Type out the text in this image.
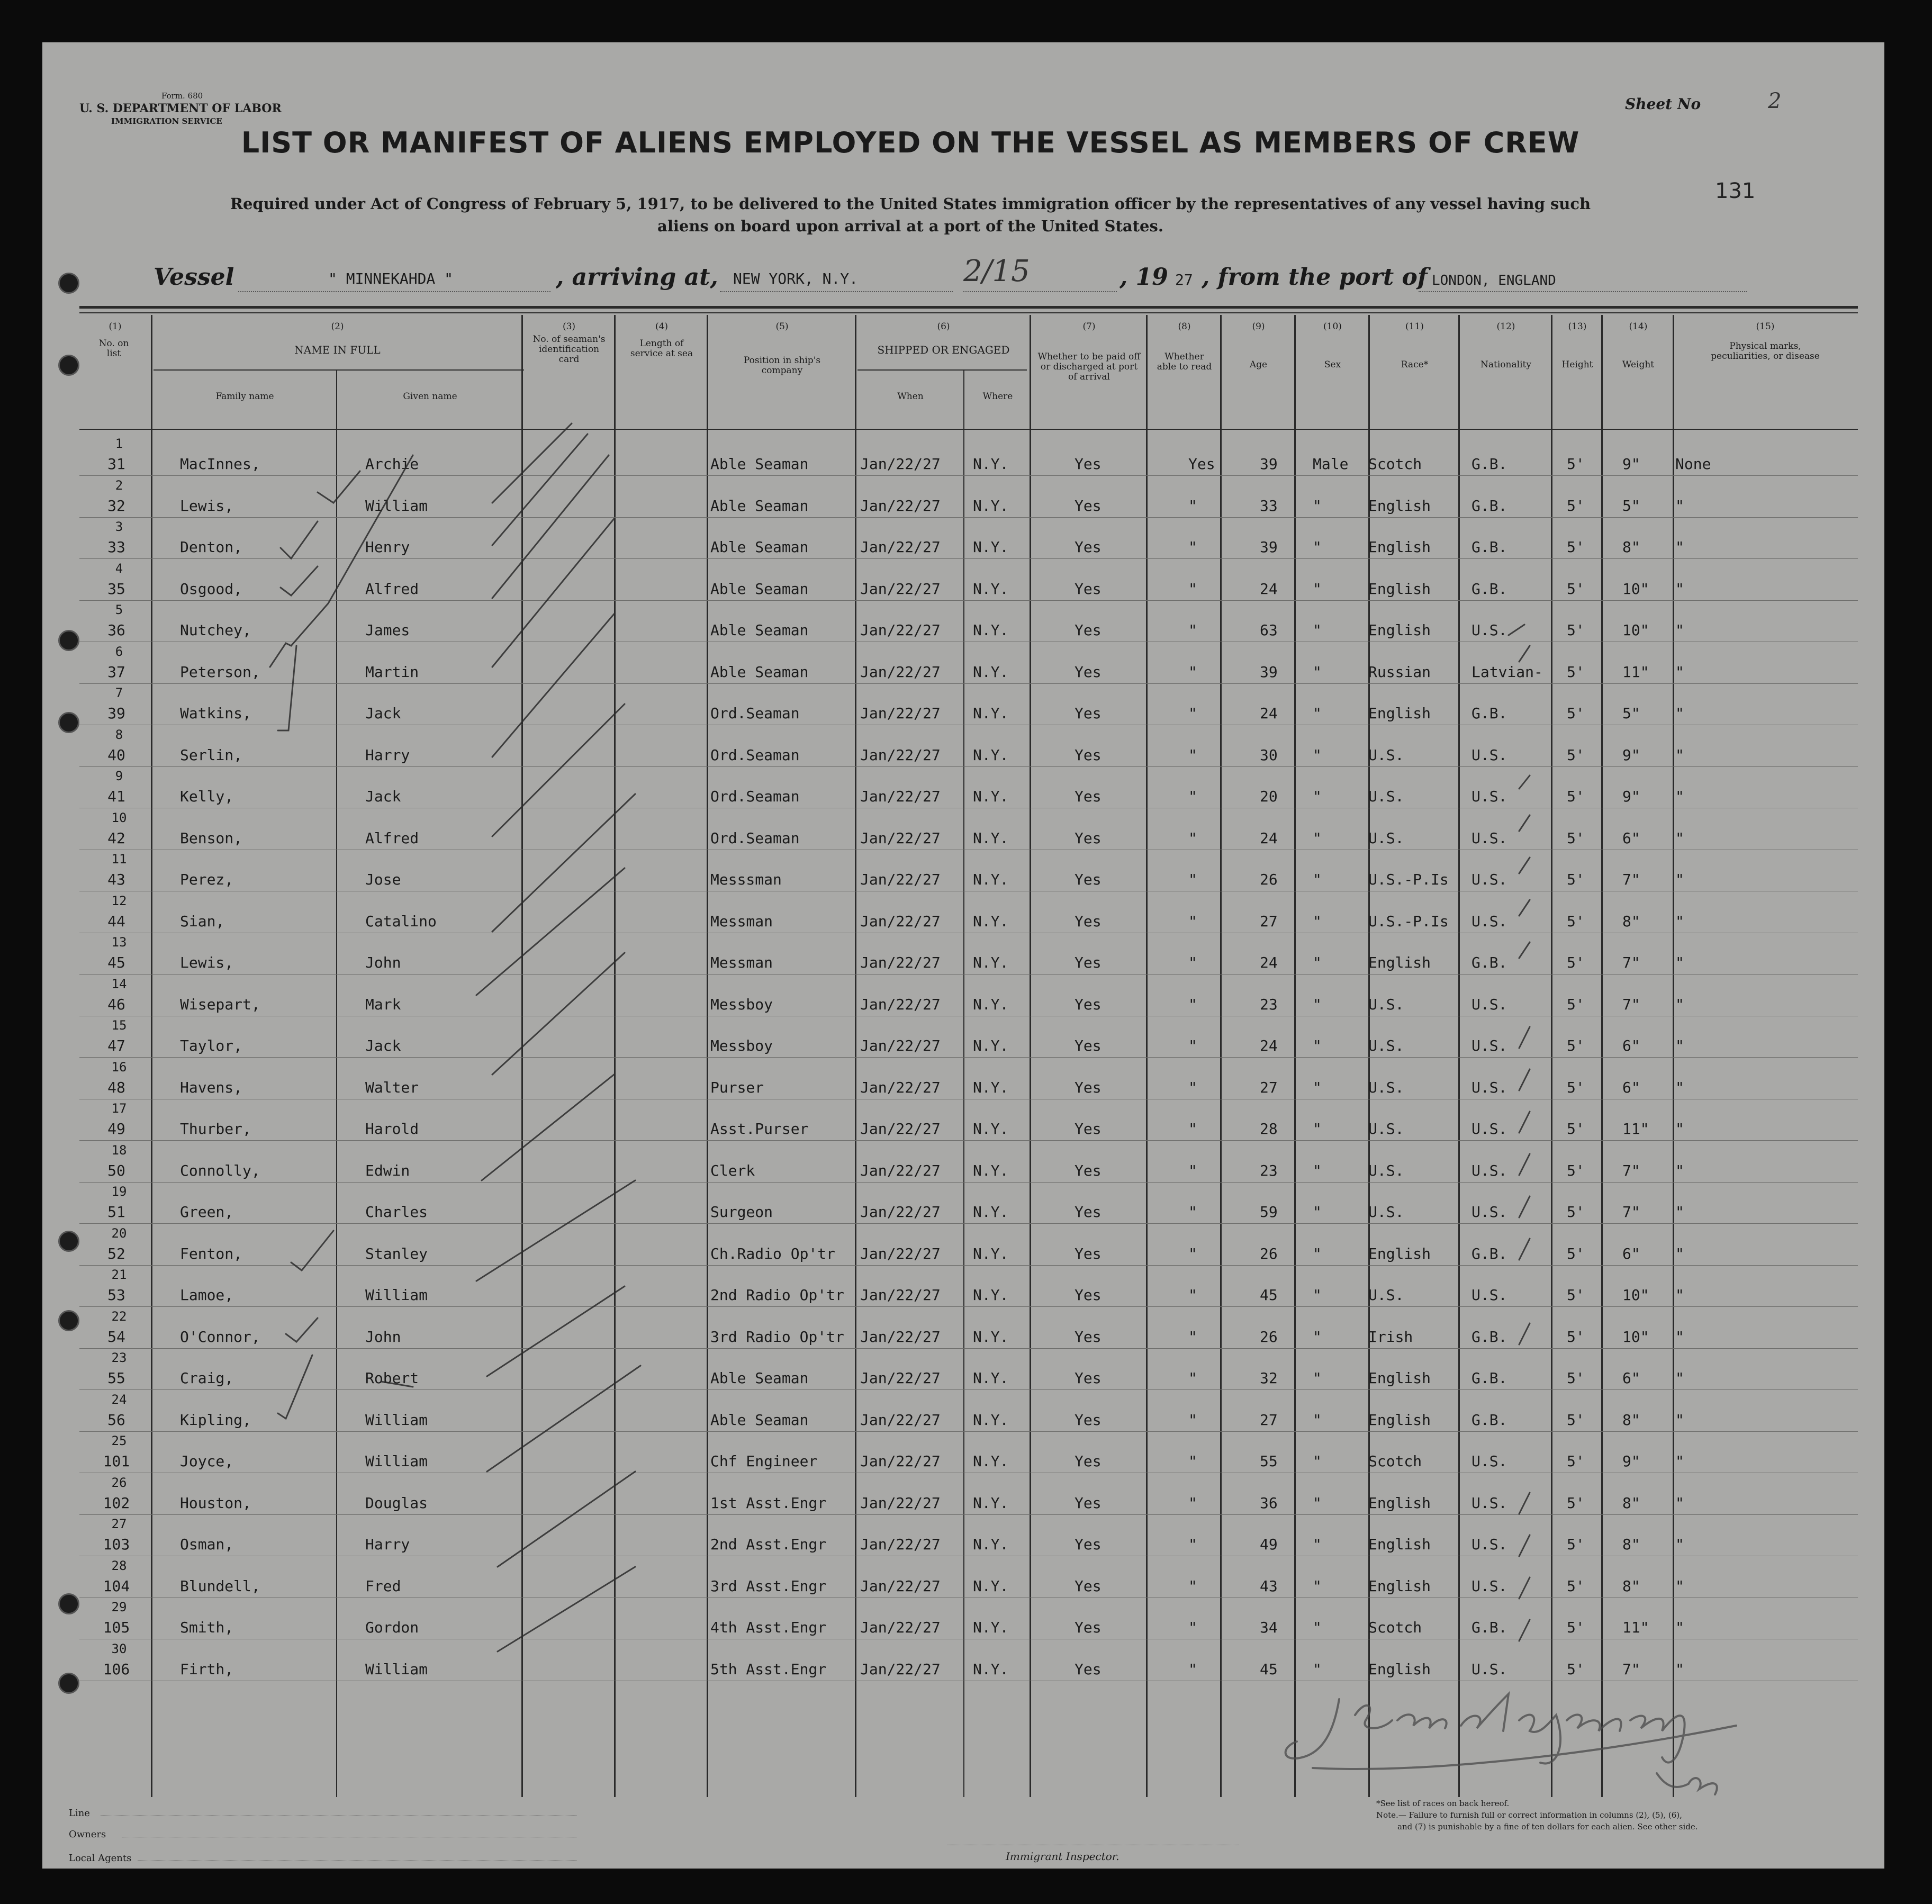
Form. 680
U. S. DEPARTMENT OF LABOR
IMMIGRATION SERVICE
Sheet No	2
131
LIST OR MANIFEST OF ALIENS EMPLOYED ON THE VESSEL AS MEMBERS OF CREW
Required under Act of Congress of February 5, 1917, to be delivered to the United States immigration officer by the representatives of any vessel having such
aliens on board upon arrival at a port of the United States.
Vessel	" MINNEKAHDA "	, arriving at, NEW YORK, N.Y.	2/15	, 19 27 , from the port of LONDON, ENGLAND
(1)
No. on list
(2)
NAME IN FULL
Family name	Given name
(3)
No. of seaman's identification card
(4)
Length of service at sea
(5)
Position in ship's company
(6)
SHIPPED OR ENGAGED
When	Where
(7)
Whether to be paid off or discharged at port of arrival
(8)
Whether able to read
(9)
Age
(10)
Sex
(11)
Race*
(12)
Nationality
(13)
Height
(14)
Weight
(15)
Physical marks, peculiarities, or disease
1
31	MacInnes,	Archie	Able Seaman	Jan/22/27 N.Y.	Yes	Yes	39 Male Scotch	G.B.	5'	9" None
2
32	Lewis,	William	Able Seaman	Jan/22/27 N.Y.	Yes	"	33 "	English	G.B.	5'	5" "
3
33	Denton,	Henry	Able Seaman	Jan/22/27 N.Y.	Yes	"	39 "	English	G.B.	5'	8" "
4
35	Osgood,	Alfred	Able Seaman	Jan/22/27 N.Y.	Yes	"	24 "	English	G.B.	5'	10" "
5
36	Nutchey,	James	Able Seaman	Jan/22/27 N.Y.	Yes	"	63 "	English	U.S.	5'	10" "
6
37	Peterson,	Martin	Able Seaman	Jan/22/27 N.Y.	Yes	"	39 "	Russian	Latvian- 5'	11" "
7
39	Watkins,	Jack	Ord.Seaman	Jan/22/27 N.Y.	Yes	"	24 "	English	G.B.	5'	5" "
8
40	Serlin,	Harry	Ord.Seaman	Jan/22/27 N.Y.	Yes	"	30 "	U.S.	U.S.	5'	9" "
9
41	Kelly,	Jack	Ord.Seaman	Jan/22/27 N.Y.	Yes	"	20 "	U.S.	U.S.	5'	9" "
10
42	Benson,	Alfred	Ord.Seaman	Jan/22/27 N.Y.	Yes	"	24 "	U.S.	U.S.	5'	6" "
11
43	Perez,	Jose	Messsman	Jan/22/27 N.Y.	Yes	"	26 "	U.S.-P.Is U.S.	5'	7" "
12
44	Sian,	Catalino	Messman	Jan/22/27 N.Y.	Yes	"	27 "	U.S.-P.Is U.S.	5'	8" "
13
45	Lewis,	John	Messman	Jan/22/27 N.Y.	Yes	"	24 "	English	G.B.	5'	7" "
14
46	Wisepart,	Mark	Messboy	Jan/22/27 N.Y.	Yes	"	23 "	U.S.	U.S.	5'	7" "
15
47	Taylor,	Jack	Messboy	Jan/22/27 N.Y.	Yes	"	24 "	U.S.	U.S.	5'	6" "
16
48	Havens,	Walter	Purser	Jan/22/27 N.Y.	Yes	"	27 "	U.S.	U.S.	5'	6" "
17
49	Thurber,	Harold	Asst.Purser	Jan/22/27 N.Y.	Yes	"	28 "	U.S.	U.S.	5'	11" "
18
50	Connolly,	Edwin	Clerk	Jan/22/27 N.Y.	Yes	"	23 "	U.S.	U.S.	5'	7" "
19
51	Green,	Charles	Surgeon	Jan/22/27 N.Y.	Yes	"	59 "	U.S.	U.S.	5'	7" "
20
52	Fenton,	Stanley	Ch.Radio Op'tr Jan/22/27 N.Y.	Yes	"	26 "	English	G.B.	5'	6" "
21
53	Lamoe,	William	2nd Radio Op'tr Jan/22/27 N.Y.	Yes	"	45 "	U.S.	U.S.	5'	10" "
22
54	O'Connor,	John	3rd Radio Op'tr Jan/22/27 N.Y.	Yes	"	26 "	Irish	G.B.	5'	10" "
23
55	Craig,	Robert	Able Seaman	Jan/22/27 N.Y.	Yes	"	32 "	English	G.B.	5'	6" "
24
56	Kipling,	William	Able Seaman	Jan/22/27 N.Y.	Yes	"	27 "	English	G.B.	5'	8" "
25
101	Joyce,	William	Chf Engineer	Jan/22/27 N.Y.	Yes	"	55 "	Scotch	U.S.	5'	9" "
26
102	Houston,	Douglas	1st Asst.Engr Jan/22/27 N.Y.	Yes	"	36 "	English	U.S.	5'	8" "
27
103	Osman,	Harry	2nd Asst.Engr Jan/22/27 N.Y.	Yes	"	49 "	English	U.S.	5'	8" "
28
104	Blundell,	Fred	3rd Asst.Engr Jan/22/27 N.Y.	Yes	"	43 "	English	U.S.	5'	8" "
29
105	Smith,	Gordon	4th Asst.Engr Jan/22/27 N.Y.	Yes	"	34 "	Scotch	G.B.	5'	11" "
30
106	Firth,	William	5th Asst.Engr Jan/22/27 N.Y.	Yes	"	45 "	English	U.S.	5'	7" "
Line
Owners
Local Agents	Immigrant Inspector.
*See list of races on back hereof.
Note.— Failure to furnish full or correct information in columns (2), (5), (6),
and (7) is punishable by a fine of ten dollars for each alien. See other side.
